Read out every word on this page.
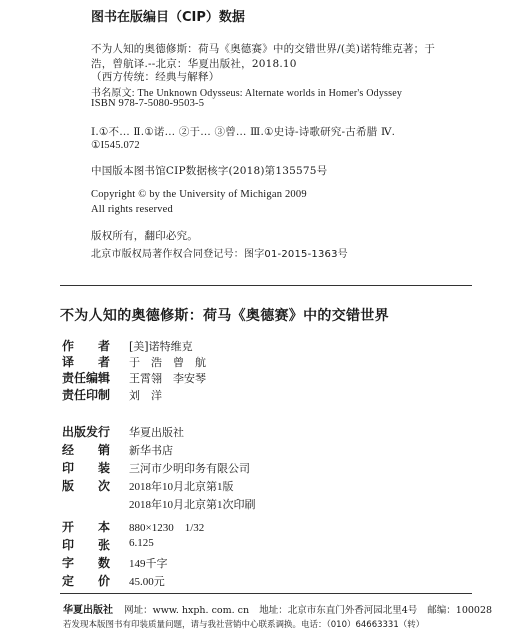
图书在版编目（CIP）数据
不为人知的奥德修斯：荷马《奥德赛》中的交错世界/(美)诺特维克著；于
浩，曾航译.--北京：华夏出版社，2018.10
（西方传统：经典与解释）
书名原文: The Unknown Odysseus: Alternate worlds in Homer's Odyssey
ISBN 978-7-5080-9503-5
Ⅰ.①不… Ⅱ.①诺… ②于… ③曾… Ⅲ.①史诗-诗歌研究-古希腊 Ⅳ.
①I545.072
中国版本图书馆CIP数据核字(2018)第135575号
Copyright © by the University of Michigan 2009
All rights reserved
版权所有，翻印必究。
北京市版权局著作权合同登记号：图字01-2015-1363号
不为人知的奥德修斯：荷马《奥德赛》中的交错世界
作　　者 [美]诺特维克
译　　者 于　浩　曾　航
责任编辑 王霄翎　李安琴
责任印制 刘　洋
出版发行 华夏出版社
经　　销 新华书店
印　　装 三河市少明印务有限公司
版　　次 2018年10月北京第1版
2018年10月北京第1次印刷
开　　本 880×1230　1/32
印　　张 6.125
字　　数 149千字
定　　价 45.00元
华夏出版社 网址：www. hxph. com. cn 地址：北京市东直门外香河园北里4号 邮编：100028
若发现本版图书有印装质量问题，请与我社营销中心联系调换。电话：（010）64663331（转）
